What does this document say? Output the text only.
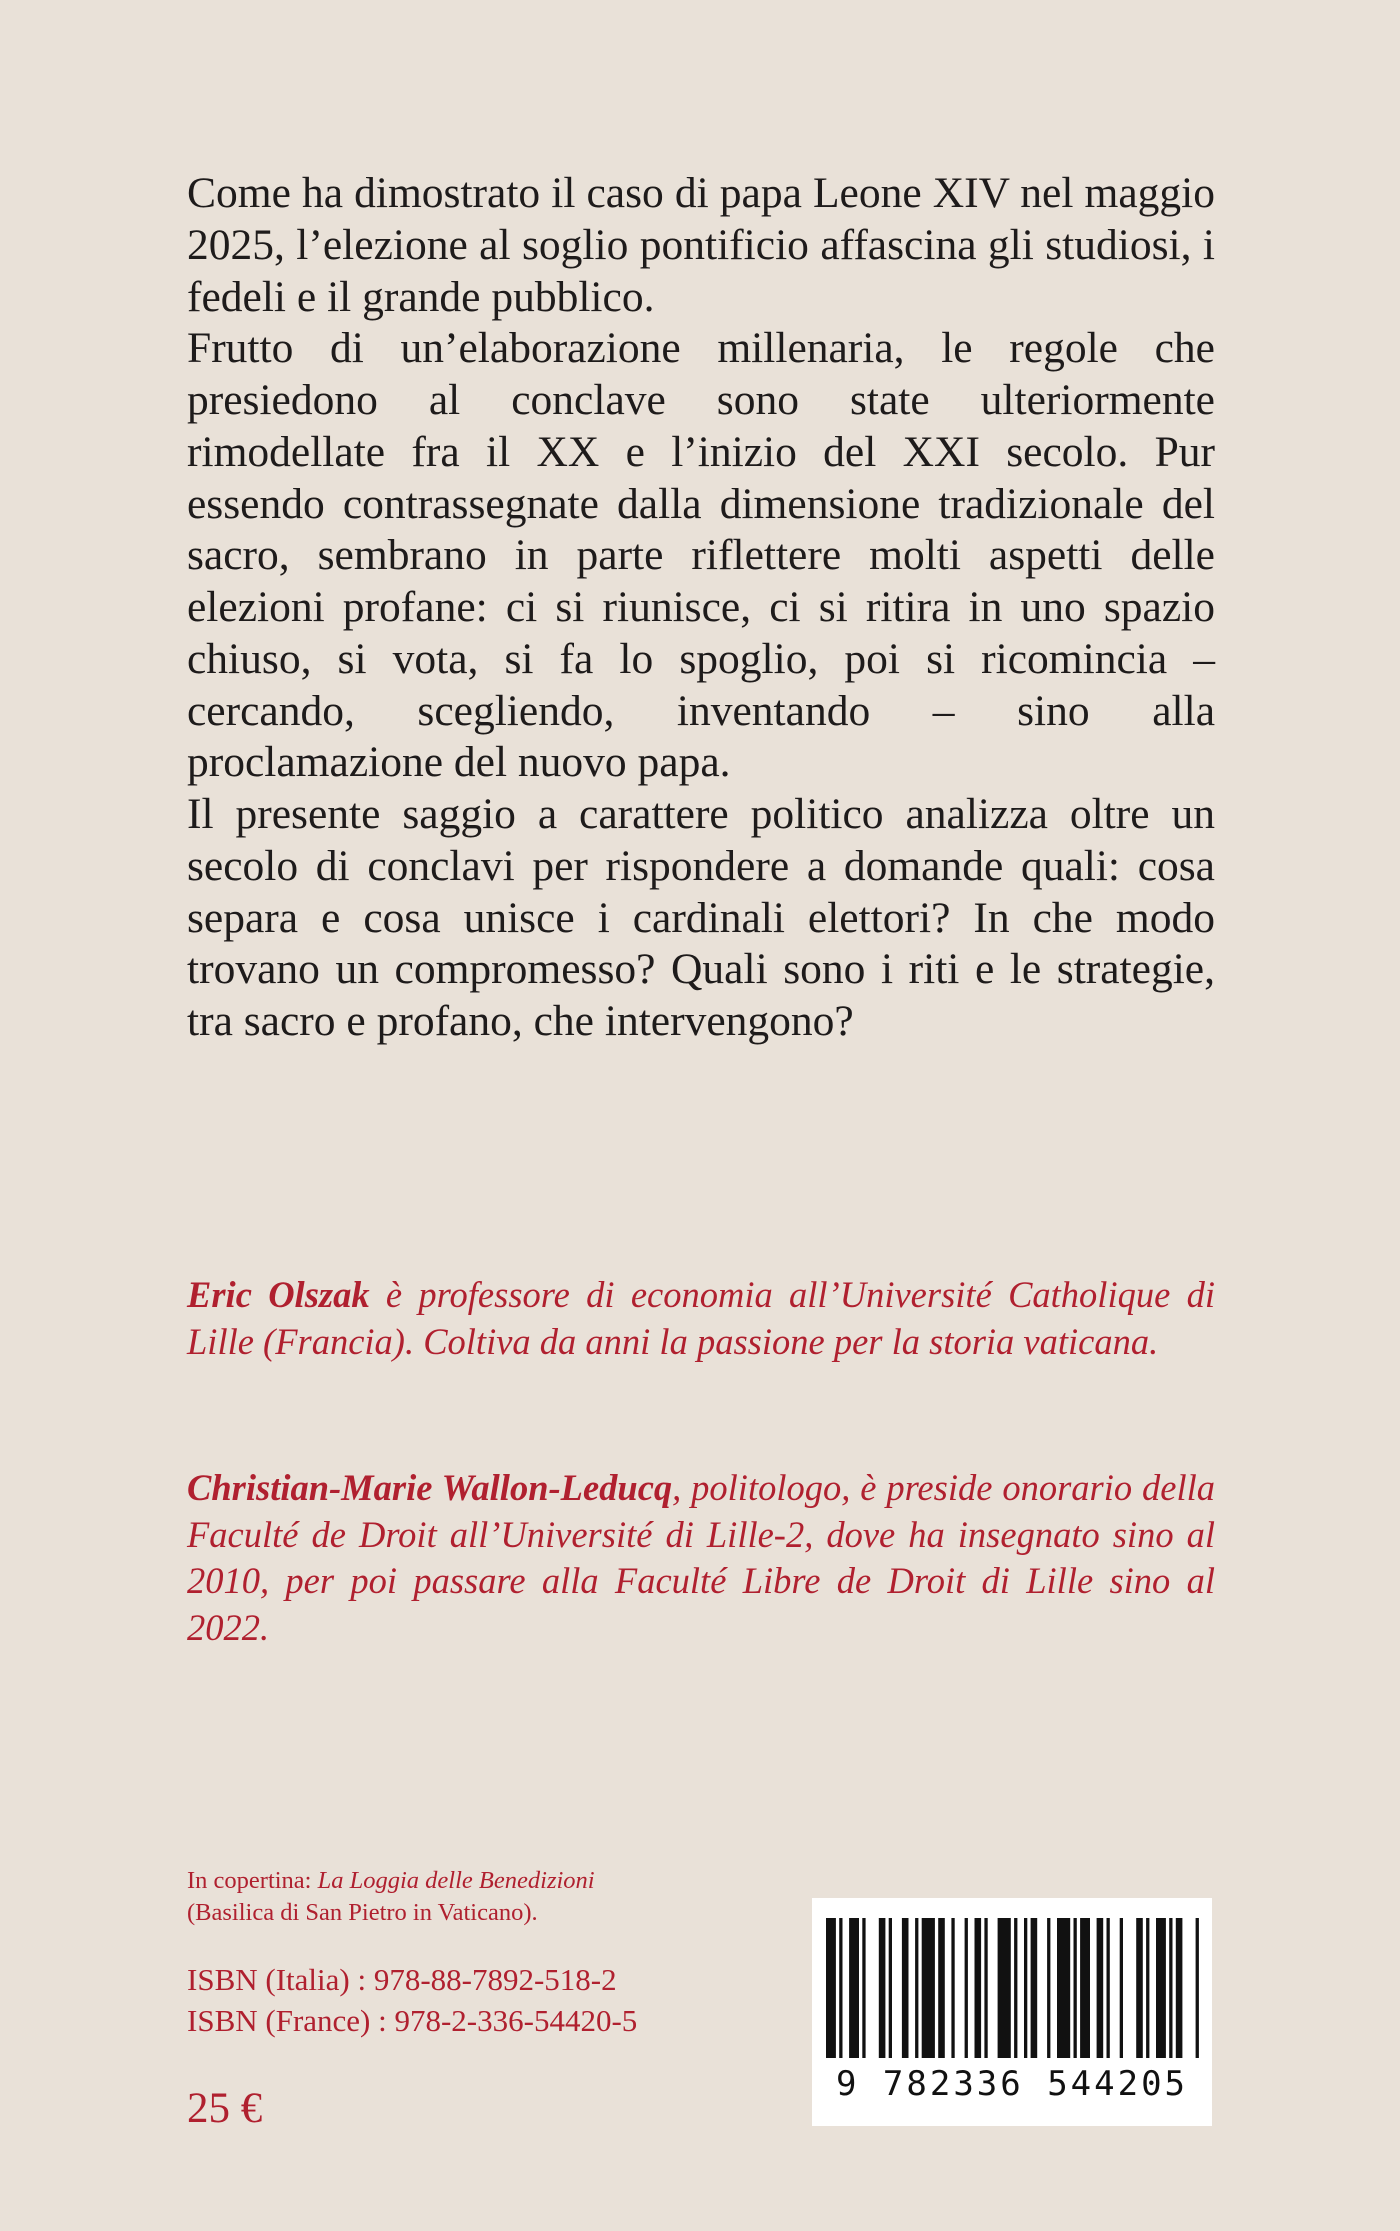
Come ha dimostrato il caso di papa Leone XIV nel maggio 2025, l’elezione al soglio pontificio affascina gli studiosi, i fedeli e il grande pubblico.

Frutto di un’elaborazione millenaria, le regole che presiedono al conclave sono state ulteriormente rimodellate fra il XX e l’inizio del XXI secolo. Pur essendo contrassegnate dalla dimensione tradizionale del sacro, sembrano in parte riflettere molti aspetti delle elezioni profane: ci si riunisce, ci si ritira in uno spazio chiuso, si vota, si fa lo spoglio, poi si ricomincia – cercando, scegliendo, inventando – sino alla proclamazione del nuovo papa.

Il presente saggio a carattere politico analizza oltre un secolo di conclavi per rispondere a domande quali: cosa separa e cosa unisce i cardinali elettori? In che modo trovano un compromesso? Quali sono i riti e le strategie, tra sacro e profano, che intervengono?

Eric Olszak è professore di economia all’Université Catholique di Lille (Francia). Coltiva da anni la passione per la storia vaticana.
Christian-Marie Wallon-Leducq, politologo, è preside onorario della Faculté de Droit all’Université di Lille-2, dove ha insegnato sino al 2010, per poi passare alla Faculté Libre de Droit di Lille sino al 2022.
In copertina: La Loggia delle Benedizioni
(Basilica di San Pietro in Vaticano).
ISBN (Italia) : 978-88-7892-518-2
ISBN (France) : 978-2-336-54420-5
25 €
9 782336 544205
